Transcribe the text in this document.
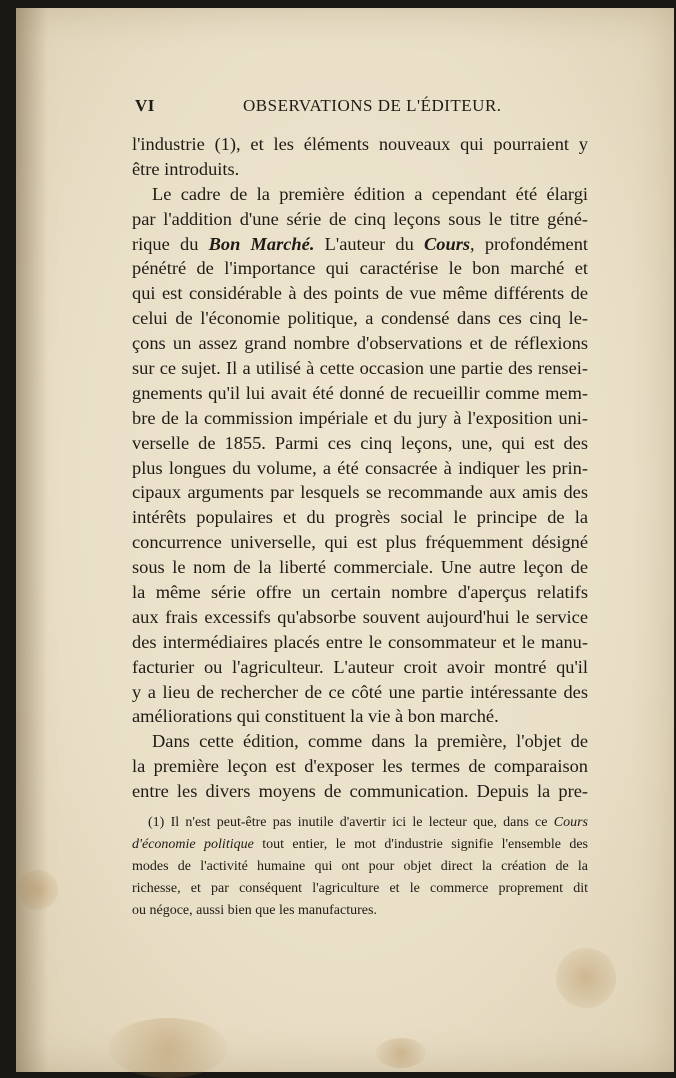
VI	OBSERVATIONS DE L'ÉDITEUR.
l'industrie (1), et les éléments nouveaux qui pourraient y
être introduits.
Le cadre de la première édition a cependant été élargi
par l'addition d'une série de cinq leçons sous le titre géné-
rique du Bon Marché. L'auteur du Cours, profondément
pénétré de l'importance qui caractérise le bon marché et
qui est considérable à des points de vue même différents de
celui de l'économie politique, a condensé dans ces cinq le-
çons un assez grand nombre d'observations et de réflexions
sur ce sujet. Il a utilisé à cette occasion une partie des rensei-
gnements qu'il lui avait été donné de recueillir comme mem-
bre de la commission impériale et du jury à l'exposition uni-
verselle de 1855. Parmi ces cinq leçons, une, qui est des
plus longues du volume, a été consacrée à indiquer les prin-
cipaux arguments par lesquels se recommande aux amis des
intérêts populaires et du progrès social le principe de la
concurrence universelle, qui est plus fréquemment désigné
sous le nom de la liberté commerciale. Une autre leçon de
la même série offre un certain nombre d'aperçus relatifs
aux frais excessifs qu'absorbe souvent aujourd'hui le service
des intermédiaires placés entre le consommateur et le manu-
facturier ou l'agriculteur. L'auteur croit avoir montré qu'il
y a lieu de rechercher de ce côté une partie intéressante des
améliorations qui constituent la vie à bon marché.
Dans cette édition, comme dans la première, l'objet de
la première leçon est d'exposer les termes de comparaison
entre les divers moyens de communication. Depuis la pre-
(1) Il n'est peut-être pas inutile d'avertir ici le lecteur que, dans ce Cours
d'économie politique tout entier, le mot d'industrie signifie l'ensemble des
modes de l'activité humaine qui ont pour objet direct la création de la
richesse, et par conséquent l'agriculture et le commerce proprement dit
ou négoce, aussi bien que les manufactures.
